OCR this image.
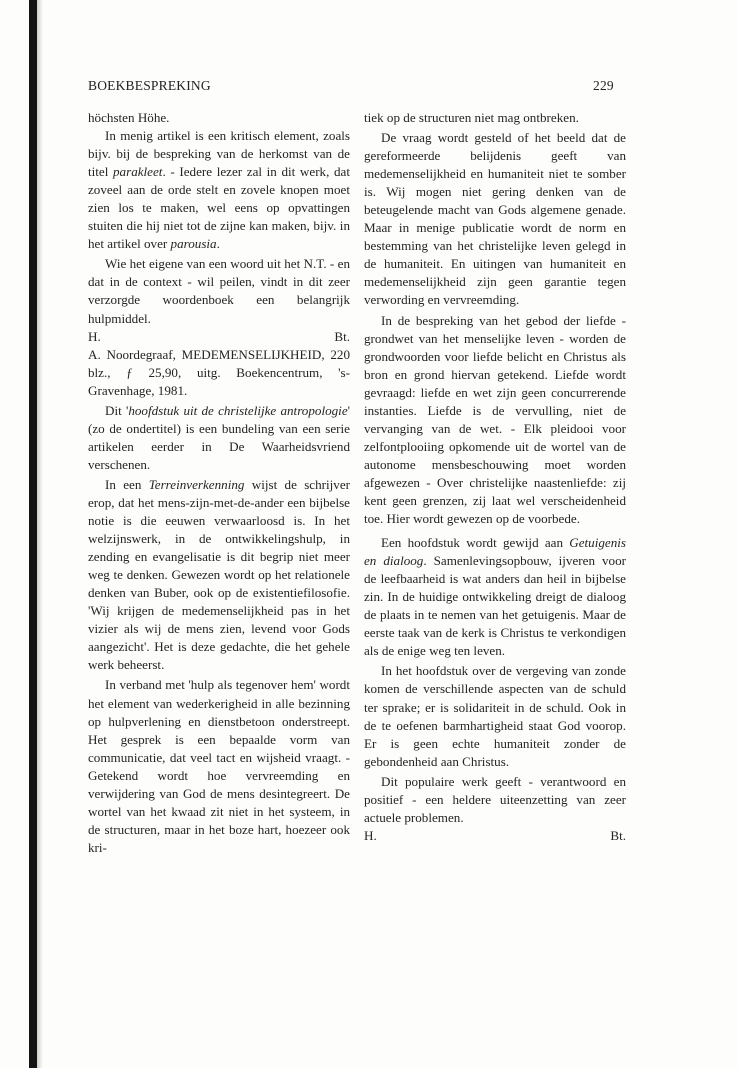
BOEKBESPREKING	229

höchsten Höhe.

In menig artikel is een kritisch element, zoals bijv. bij de bespreking van de herkomst van de titel parakleet. - Iedere lezer zal in dit werk, dat zoveel aan de orde stelt en zovele knopen moet zien los te maken, wel eens op opvattingen stuiten die hij niet tot de zijne kan maken, bijv. in het artikel over parousia.

Wie het eigene van een woord uit het N.T. - en dat in de context - wil peilen, vindt in dit zeer verzorgde woordenboek een belangrijk hulpmiddel.

H.	Bt.

A. Noordegraaf, MEDEMENSELIJKHEID, 220 blz., ƒ 25,90, uitg. Boekencentrum, 's-Gravenhage, 1981.

Dit 'hoofdstuk uit de christelijke antropologie' (zo de ondertitel) is een bundeling van een serie artikelen eerder in De Waarheidsvriend verschenen.

In een Terreinverkenning wijst de schrijver erop, dat het mens-zijn-met-de-ander een bijbelse notie is die eeuwen verwaarloosd is. In het welzijnswerk, in de ontwikkelingshulp, in zending en evangelisatie is dit begrip niet meer weg te denken. Gewezen wordt op het relationele denken van Buber, ook op de existentiefilosofie. 'Wij krijgen de medemenselijkheid pas in het vizier als wij de mens zien, levend voor Gods aangezicht'. Het is deze gedachte, die het gehele werk beheerst.

In verband met 'hulp als tegenover hem' wordt het element van wederkerigheid in alle bezinning op hulpverlening en dienstbetoon onderstreept. Het gesprek is een bepaalde vorm van communicatie, dat veel tact en wijsheid vraagt. - Getekend wordt hoe vervreemding en verwijdering van God de mens desintegreert. De wortel van het kwaad zit niet in het systeem, in de structuren, maar in het boze hart, hoezeer ook kri-

tiek op de structuren niet mag ontbreken.

De vraag wordt gesteld of het beeld dat de gereformeerde belijdenis geeft van medemenselijkheid en humaniteit niet te somber is. Wij mogen niet gering denken van de beteugelende macht van Gods algemene genade. Maar in menige publicatie wordt de norm en bestemming van het christelijke leven gelegd in de humaniteit. En uitingen van humaniteit en medemenselijkheid zijn geen garantie tegen verwording en vervreemding.

In de bespreking van het gebod der liefde - grondwet van het menselijke leven - worden de grondwoorden voor liefde belicht en Christus als bron en grond hiervan getekend. Liefde wordt gevraagd: liefde en wet zijn geen concurrerende instanties. Liefde is de vervulling, niet de vervanging van de wet. - Elk pleidooi voor zelfontplooiing opkomende uit de wortel van de autonome mensbeschouwing moet worden afgewezen - Over christelijke naastenliefde: zij kent geen grenzen, zij laat wel verscheidenheid toe. Hier wordt gewezen op de voorbede.

Een hoofdstuk wordt gewijd aan Getuigenis en dialoog. Samenlevingsopbouw, ijveren voor de leefbaarheid is wat anders dan heil in bijbelse zin. In de huidige ontwikkeling dreigt de dialoog de plaats in te nemen van het getuigenis. Maar de eerste taak van de kerk is Christus te verkondigen als de enige weg ten leven.

In het hoofdstuk over de vergeving van zonde komen de verschillende aspecten van de schuld ter sprake; er is solidariteit in de schuld. Ook in de te oefenen barmhartigheid staat God voorop. Er is geen echte humaniteit zonder de gebondenheid aan Christus.

Dit populaire werk geeft - verantwoord en positief - een heldere uiteenzetting van zeer actuele problemen.

H.	Bt.
